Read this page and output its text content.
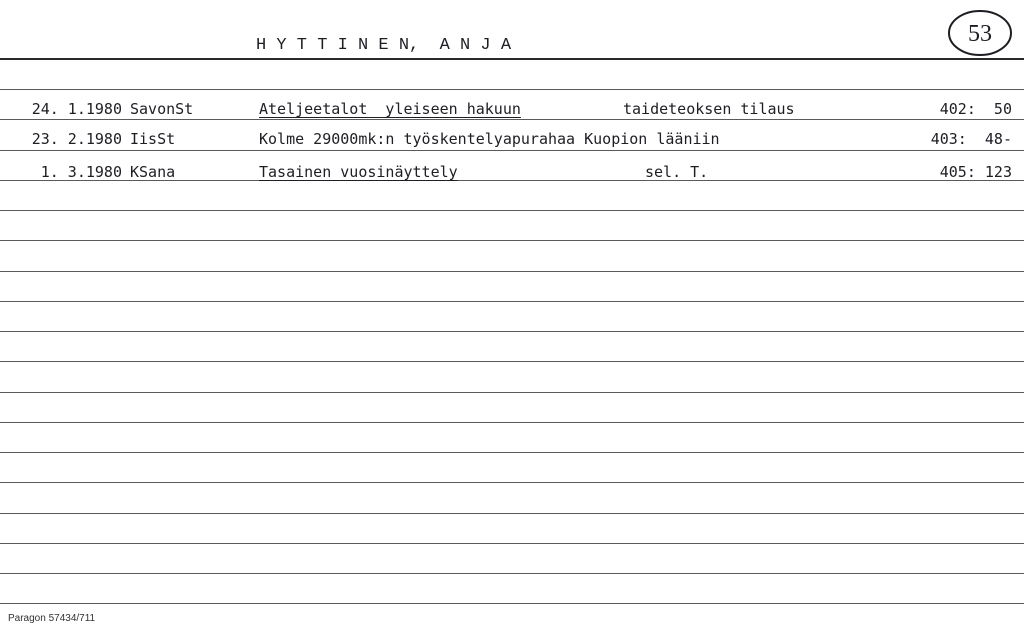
H Y T T I N E N,  A N J A	53
24. 1.1980 SavonSt	Ateljeetalot  yleiseen hakuun	taideteoksen tilaus	402:  50
23. 2.1980 IisSt	Kolme 29000mk:n työskentelyapurahaa Kuopion lääniin	403:  48-
1. 3.1980 KSana	Tasainen vuosinäyttely	sel. T.	405: 123
Paragon 57434/711
